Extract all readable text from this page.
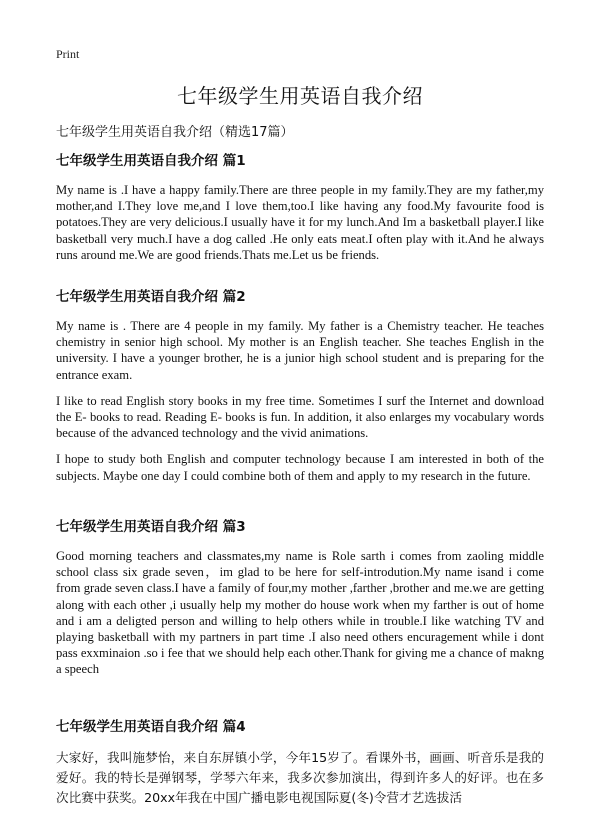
Print
七年级学生用英语自我介绍
七年级学生用英语自我介绍（精选17篇）
七年级学生用英语自我介绍 篇1

My name is .I have a happy family.There are three people in my family.They are my father,my mother,and I.They love me,and I love them,too.I like having any food.My favourite food is potatoes.They are very delicious.I usually have it for my lunch.And Im a basketball player.I like basketball very much.I have a dog called .He only eats meat.I often play with it.And he always runs around me.We are good friends.Thats me.Let us be friends.

七年级学生用英语自我介绍 篇2

My name is . There are 4 people in my family. My father is a Chemistry teacher. He teaches chemistry in senior high school. My mother is an English teacher. She teaches English in the university. I have a younger brother, he is a junior high school student and is preparing for the entrance exam.

I like to read English story books in my free time. Sometimes I surf the Internet and download the E- books to read. Reading E- books is fun. In addition, it also enlarges my vocabulary words because of the advanced technology and the vivid animations.

I hope to study both English and computer technology because I am interested in both of the subjects. Maybe one day I could combine both of them and apply to my research in the future.

七年级学生用英语自我介绍 篇3

Good morning teachers and classmates,my name is Role sarth i comes from zaoling middle school class six grade seven，im glad to be here for self-introdution.My name isand i come from grade seven class.I have a family of four,my mother ,farther ,brother and me.we are getting along with each other ,i usually help my mother do house work when my farther is out of home and i am a deligted person and willing to help others while in trouble.I like watching TV and playing basketball with my partners in part time .I also need others encuragement while i dont pass exxminaion .so i fee that we should help each other.Thank for giving me a chance of makng a speech

七年级学生用英语自我介绍 篇4

大家好，我叫施梦怡，来自东屏镇小学，今年15岁了。看课外书，画画、听音乐是我的爱好。我的特长是弹钢琴，学琴六年来，我多次参加演出，得到许多人的好评。也在多次比赛中获奖。20xx年我在中国广播电影电视国际夏(冬)令营才艺选拔活
